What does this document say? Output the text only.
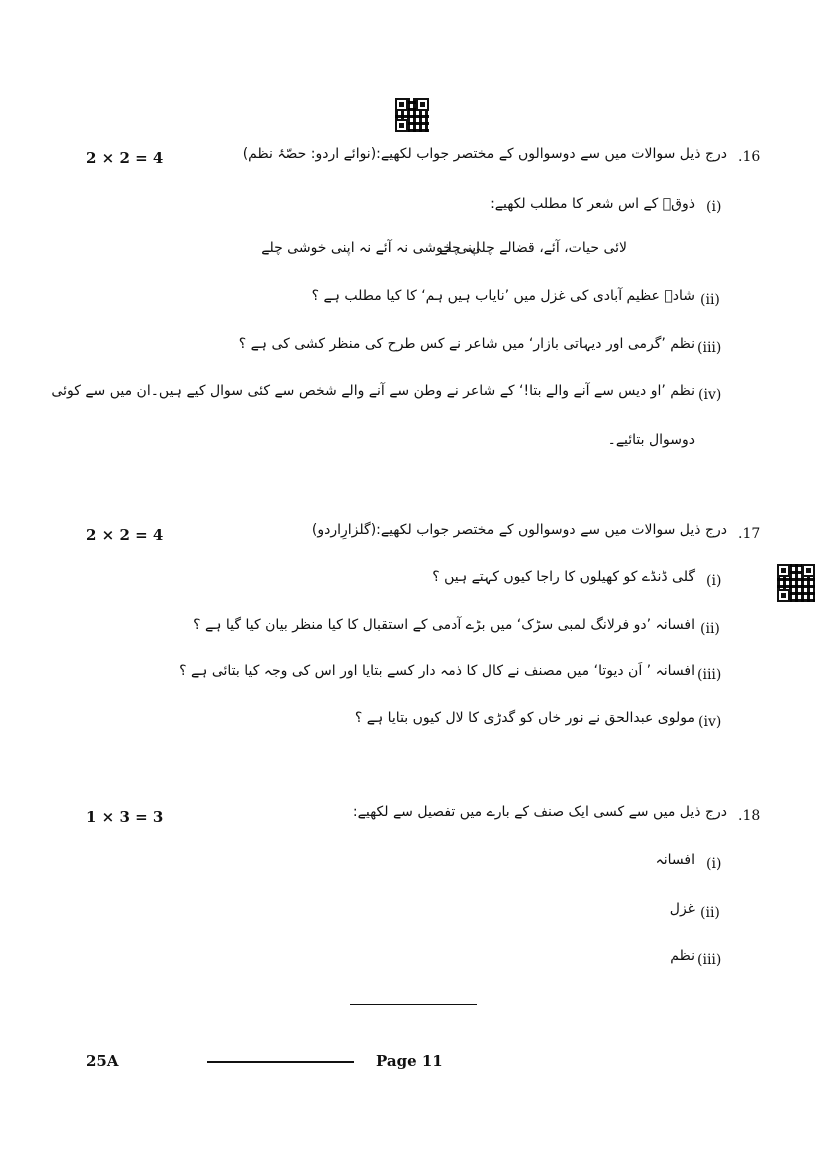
.16
2 × 2 = 4	درج ذیل سوالات میں سے دوسوالوں کے مختصر جواب لکھیے:(نوائے اردو: حصّۂ نظم)
(i)
ذوقؔ کے اس شعر کا مطلب لکھیے:
لائی حیات، آئے، قضالے چلی، چلے
اپنی خوشی نہ آئے نہ اپنی خوشی چلے
(ii)
شادؔ عظیم آبادی کی غزل میں ’نایاب ہیں ہم‘ کا کیا مطلب ہے ؟
(iii)
نظم ’گرمی اور دیہاتی بازار‘ میں شاعر نے کس طرح کی منظر کشی کی ہے ؟
(iv)
نظم ’او دیس سے آنے والے بتا!‘ کے شاعر نے وطن سے آنے والے شخص سے کئی سوال کیے ہیں۔ان میں سے کوئی
دوسوال بتائیے۔
.17
2 × 2 = 4	درج ذیل سوالات میں سے دوسوالوں کے مختصر جواب لکھیے:(گلزارِاردو)
(i)
گلی ڈنڈے کو کھیلوں کا راجا کیوں کہتے ہیں ؟
(ii)
افسانہ ’دو فرلانگ لمبی سڑک‘ میں بڑے آدمی کے استقبال کا کیا منظر بیان کیا گیا ہے ؟
(iii)
افسانہ ’ اَن دیوتا‘ میں مصنف نے کال کا ذمہ دار کسے بتایا اور اس کی وجہ کیا بتائی ہے ؟
(iv)
مولوی عبدالحق نے نور خاں کو گدڑی کا لال کیوں بتایا ہے ؟
.18
1 × 3 = 3	درج ذیل میں سے کسی ایک صنف کے بارے میں تفصیل سے لکھیے:
(i)
افسانہ
(ii)
غزل
(iii)
نظم
25A	Page 11
